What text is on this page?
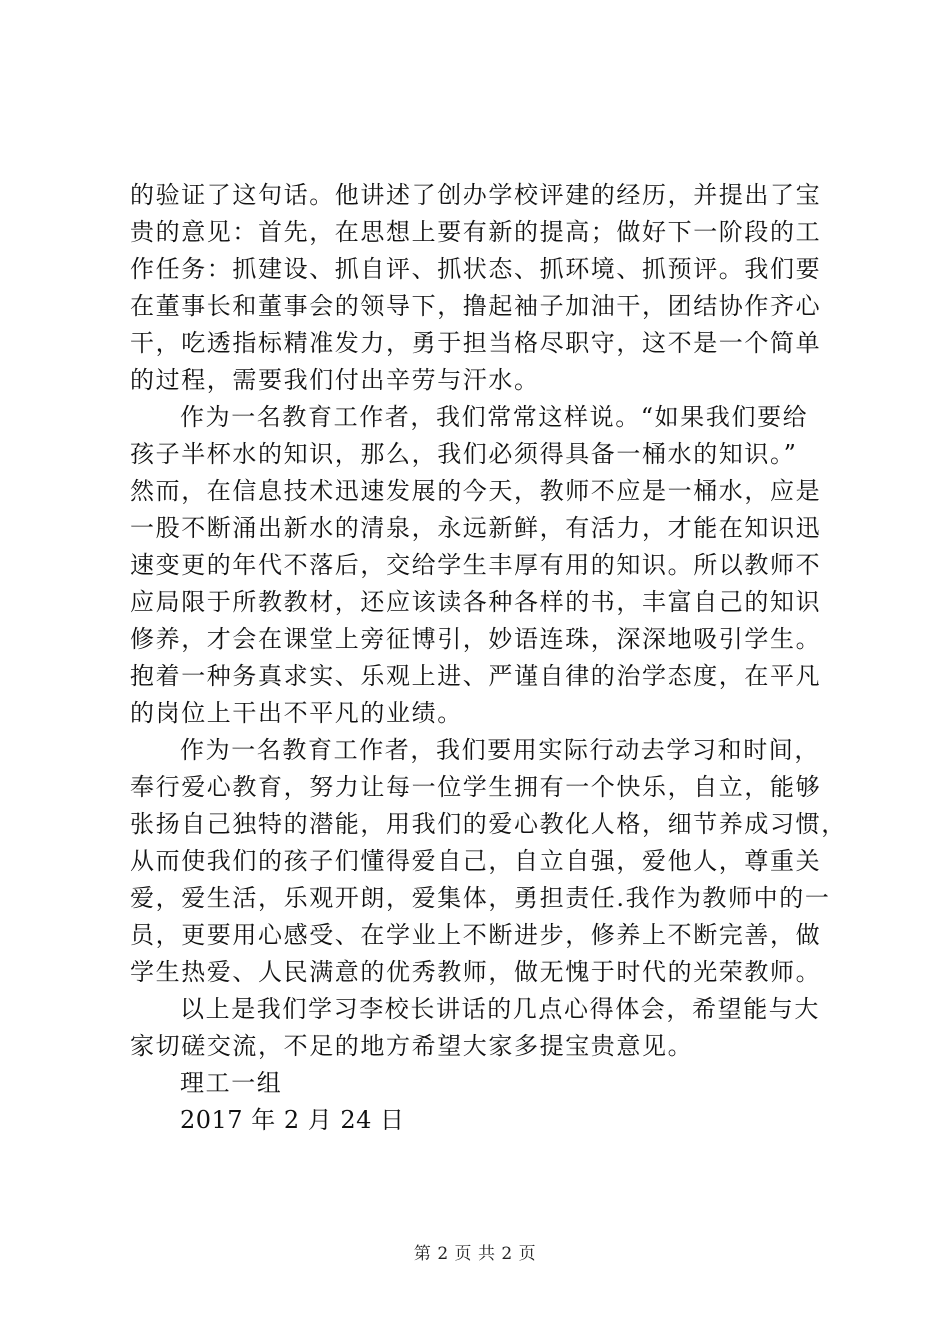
的验证了这句话。他讲述了创办学校评建的经历，并提出了宝
贵的意见：首先，在思想上要有新的提高；做好下一阶段的工
作任务：抓建设、抓自评、抓状态、抓环境、抓预评。我们要
在董事长和董事会的领导下，撸起袖子加油干，团结协作齐心
干，吃透指标精准发力，勇于担当格尽职守，这不是一个简单
的过程，需要我们付出辛劳与汗水。
作为一名教育工作者，我们常常这样说。“如果我们要给
孩子半杯水的知识，那么，我们必须得具备一桶水的知识。”
然而，在信息技术迅速发展的今天，教师不应是一桶水，应是
一股不断涌出新水的清泉，永远新鲜，有活力，才能在知识迅
速变更的年代不落后，交给学生丰厚有用的知识。所以教师不
应局限于所教教材，还应该读各种各样的书，丰富自己的知识
修养，才会在课堂上旁征博引，妙语连珠，深深地吸引学生。
抱着一种务真求实、乐观上进、严谨自律的治学态度，在平凡
的岗位上干出不平凡的业绩。
作为一名教育工作者，我们要用实际行动去学习和时间，
奉行爱心教育，努力让每一位学生拥有一个快乐，自立，能够
张扬自己独特的潜能，用我们的爱心教化人格，细节养成习惯，
从而使我们的孩子们懂得爱自己，自立自强，爱他人，尊重关
爱，爱生活，乐观开朗，爱集体，勇担责任.我作为教师中的一
员，更要用心感受、在学业上不断进步，修养上不断完善，做
学生热爱、人民满意的优秀教师，做无愧于时代的光荣教师。
以上是我们学习李校长讲话的几点心得体会，希望能与大
家切磋交流，不足的地方希望大家多提宝贵意见。
理工一组
2017 年 2 月 24 日
第 2 页 共 2 页
